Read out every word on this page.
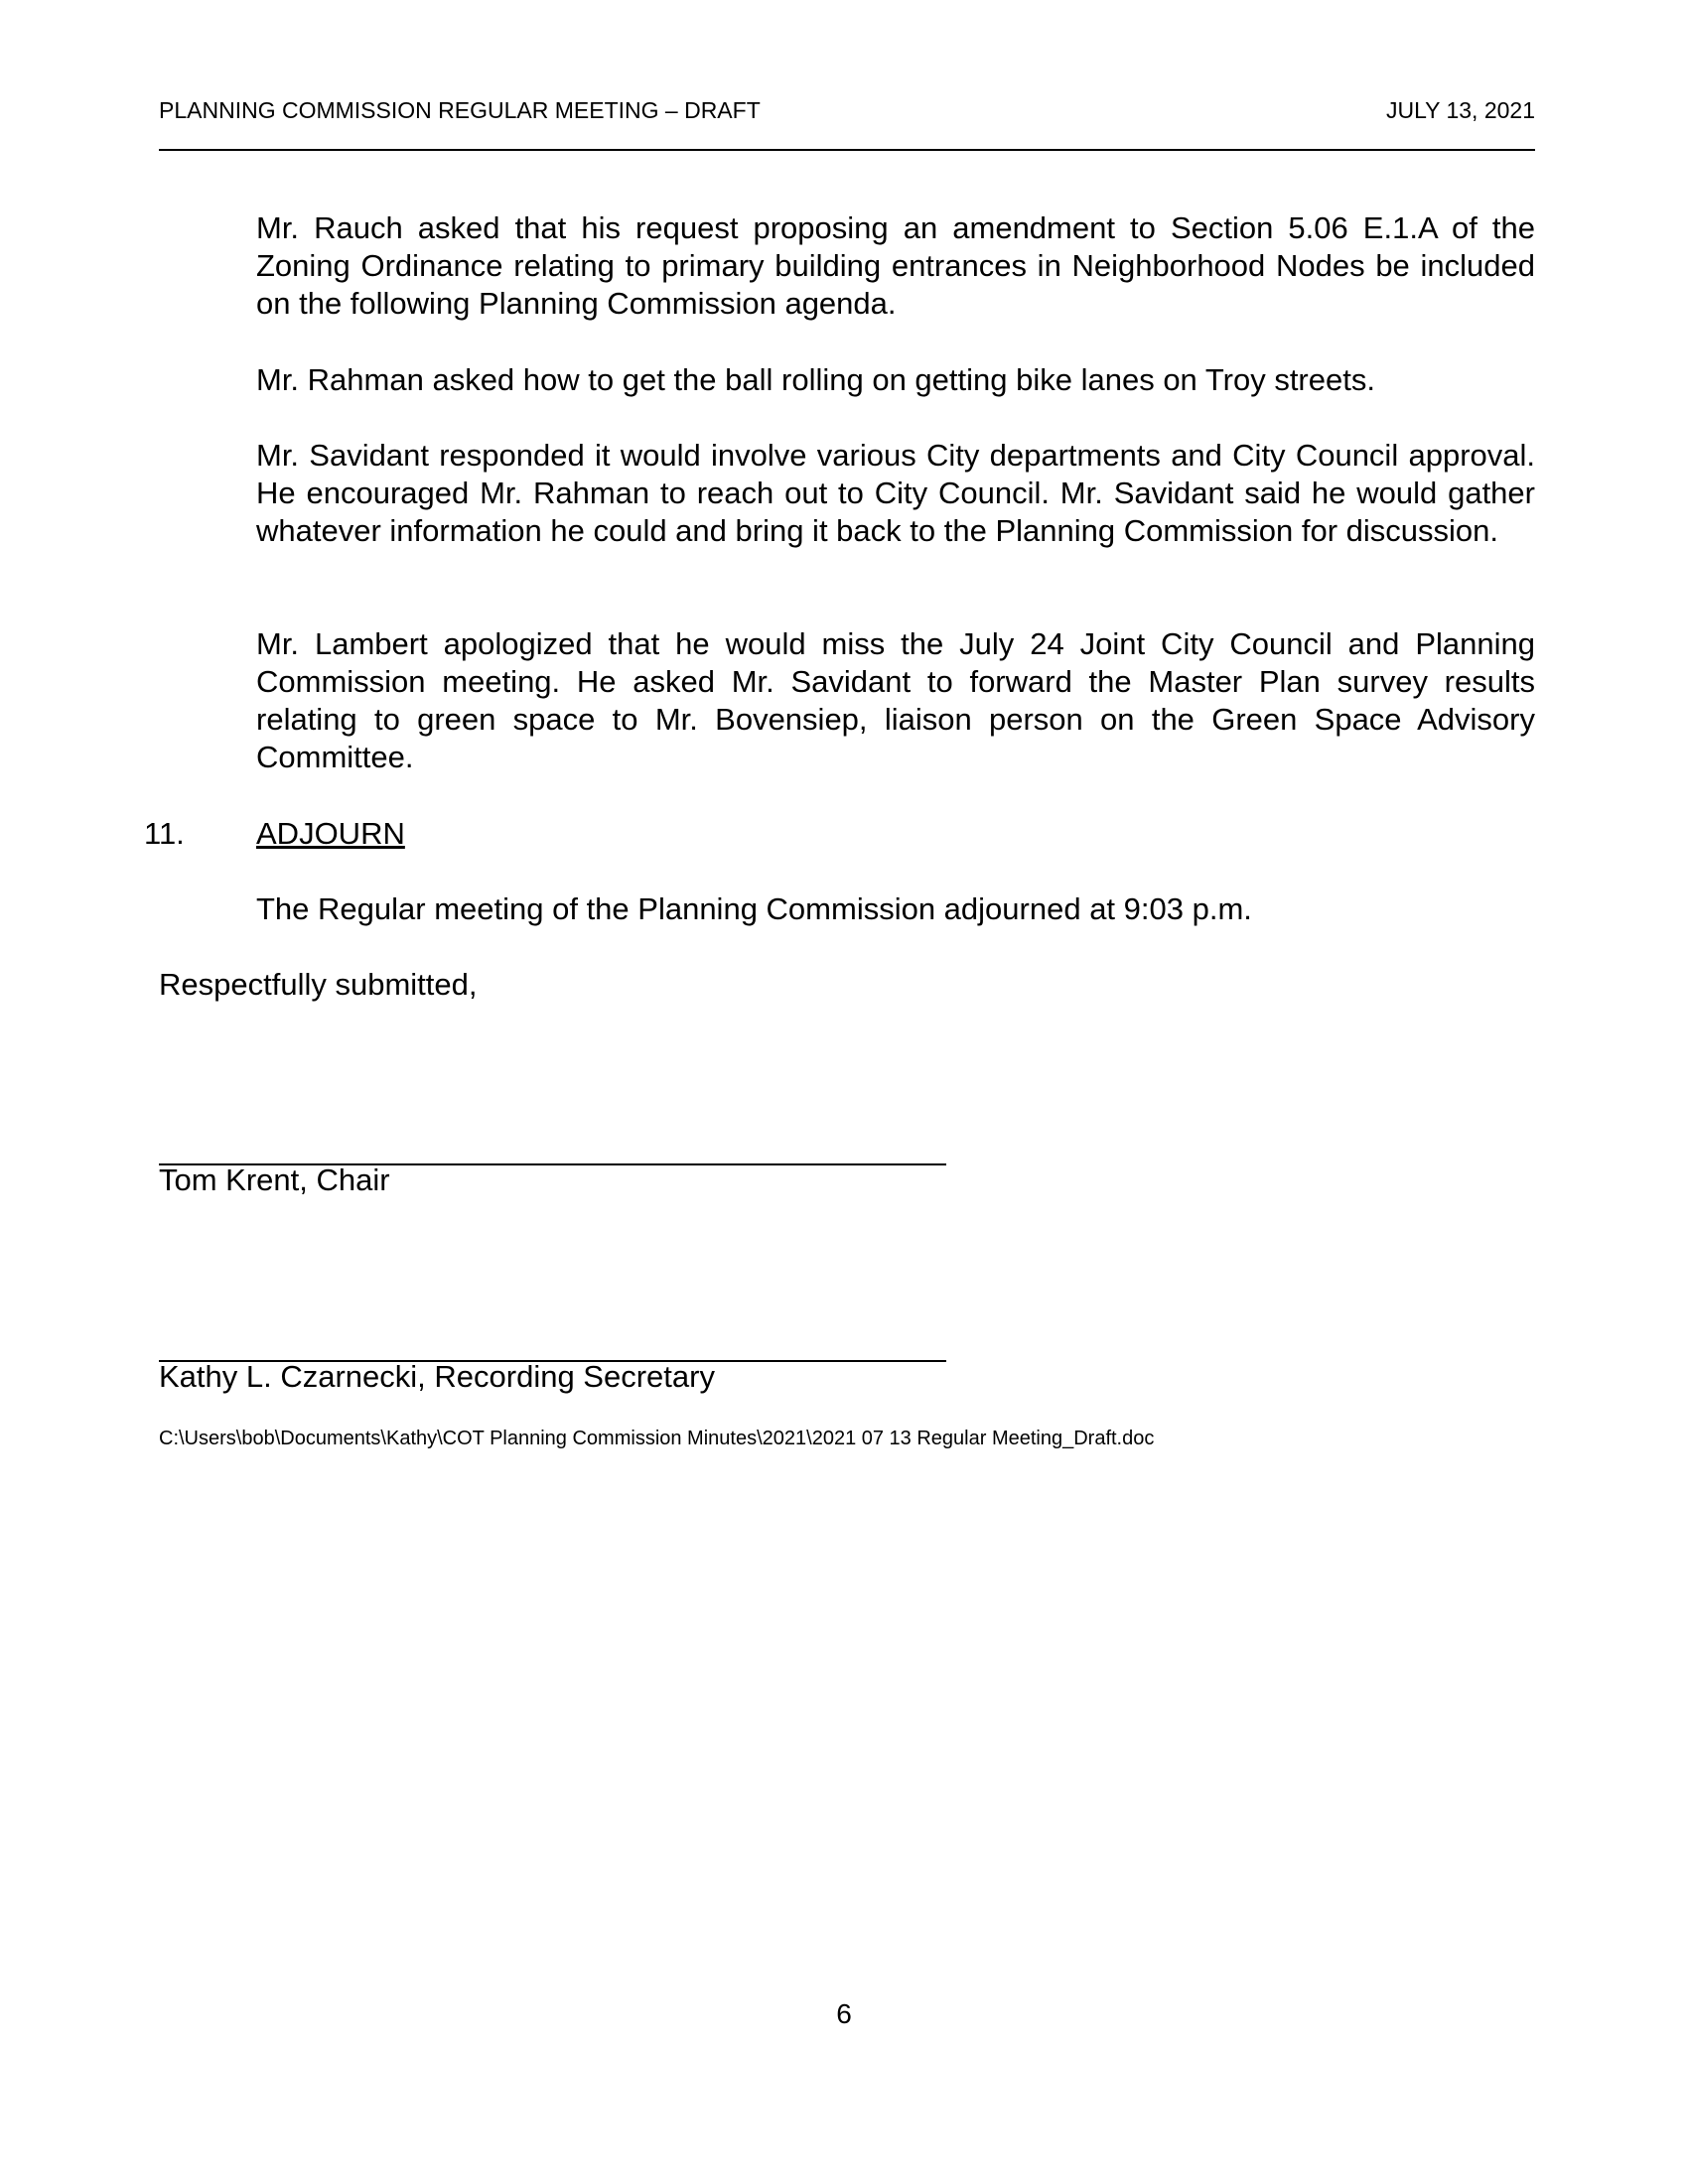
PLANNING COMMISSION REGULAR MEETING – DRAFT	JULY 13, 2021

Mr. Rauch asked that his request proposing an amendment to Section 5.06 E.1.A of the Zoning Ordinance relating to primary building entrances in Neighborhood Nodes be included on the following Planning Commission agenda.

Mr. Rahman asked how to get the ball rolling on getting bike lanes on Troy streets.

Mr. Savidant responded it would involve various City departments and City Council approval. He encouraged Mr. Rahman to reach out to City Council. Mr. Savidant said he would gather whatever information he could and bring it back to the Planning Commission for discussion.

Mr. Lambert apologized that he would miss the July 24 Joint City Council and Planning Commission meeting. He asked Mr. Savidant to forward the Master Plan survey results relating to green space to Mr. Bovensiep, liaison person on the Green Space Advisory Committee.

11. ADJOURN

The Regular meeting of the Planning Commission adjourned at 9:03 p.m.

Respectfully submitted,
Tom Krent, Chair
Kathy L. Czarnecki, Recording Secretary
C:\Users\bob\Documents\Kathy\COT Planning Commission Minutes\2021\2021 07 13 Regular Meeting_Draft.doc
6
